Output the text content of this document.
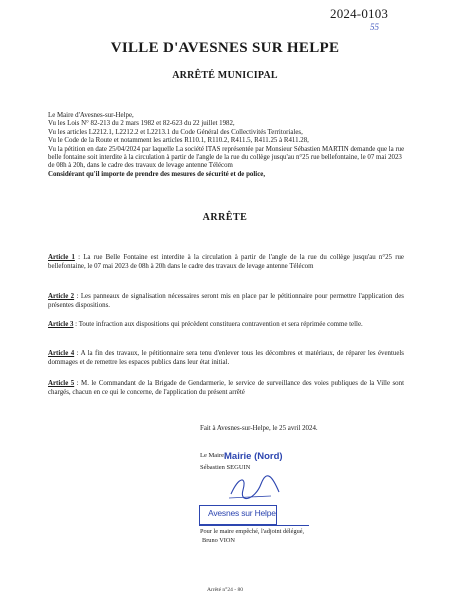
2024-0103
55
VILLE D'AVESNES SUR HELPE
ARRÊTÉ MUNICIPAL

Le Maire d'Avesnes-sur-Helpe,

Vu les Lois N° 82-213 du 2 mars 1982 et 82-623 du 22 juillet 1982,

Vu les articles L2212.1, L2212.2 et L2213.1 du Code Général des Collectivités Territoriales,

Vu le Code de la Route et notamment les articles R110.1, R110.2, R411.5, R411.25 à R411.28,

Vu la pétition en date 25/04/2024 par laquelle La société ITAS représentée par Monsieur Sébastien MARTIN demande que la rue belle fontaine soit interdite à la circulation à partir de l'angle de la rue du collège jusqu'au n°25 rue bellefontaine, le 07 mai 2023 de 08h à 20h, dans le cadre des travaux de levage antenne Télécom

Considérant qu'il importe de prendre des mesures de sécurité et de police,

ARRÊTE

Article 1 : La rue Belle Fontaine est interdite à la circulation à partir de l'angle de la rue du collège jusqu'au n°25 rue bellefontaine, le 07 mai 2023 de 08h à 20h dans le cadre des travaux de levage antenne Télécom

Article 2 : Les panneaux de signalisation nécessaires seront mis en place par le pétitionnaire pour permettre l'application des présentes dispositions.

Article 3 : Toute infraction aux dispositions qui précèdent constituera contravention et sera réprimée comme telle.

Article 4 : A la fin des travaux, le pétitionnaire sera tenu d'enlever tous les décombres et matériaux, de réparer les éventuels dommages et de remettre les espaces publics dans leur état initial.

Article 5 : M. le Commandant de la Brigade de Gendarmerie, le service de surveillance des voies publiques de la Ville sont chargés, chacun en ce qui le concerne, de l'application du présent arrêté

Fait à Avesnes-sur-Helpe, le 25 avril 2024.
Le Maire,
Mairie (Nord)
Sébastien SEGUIN
Avesnes sur Helpe
Pour le maire empêché, l'adjoint délégué,
Bruno VION
Arrêté n°24 - 80
